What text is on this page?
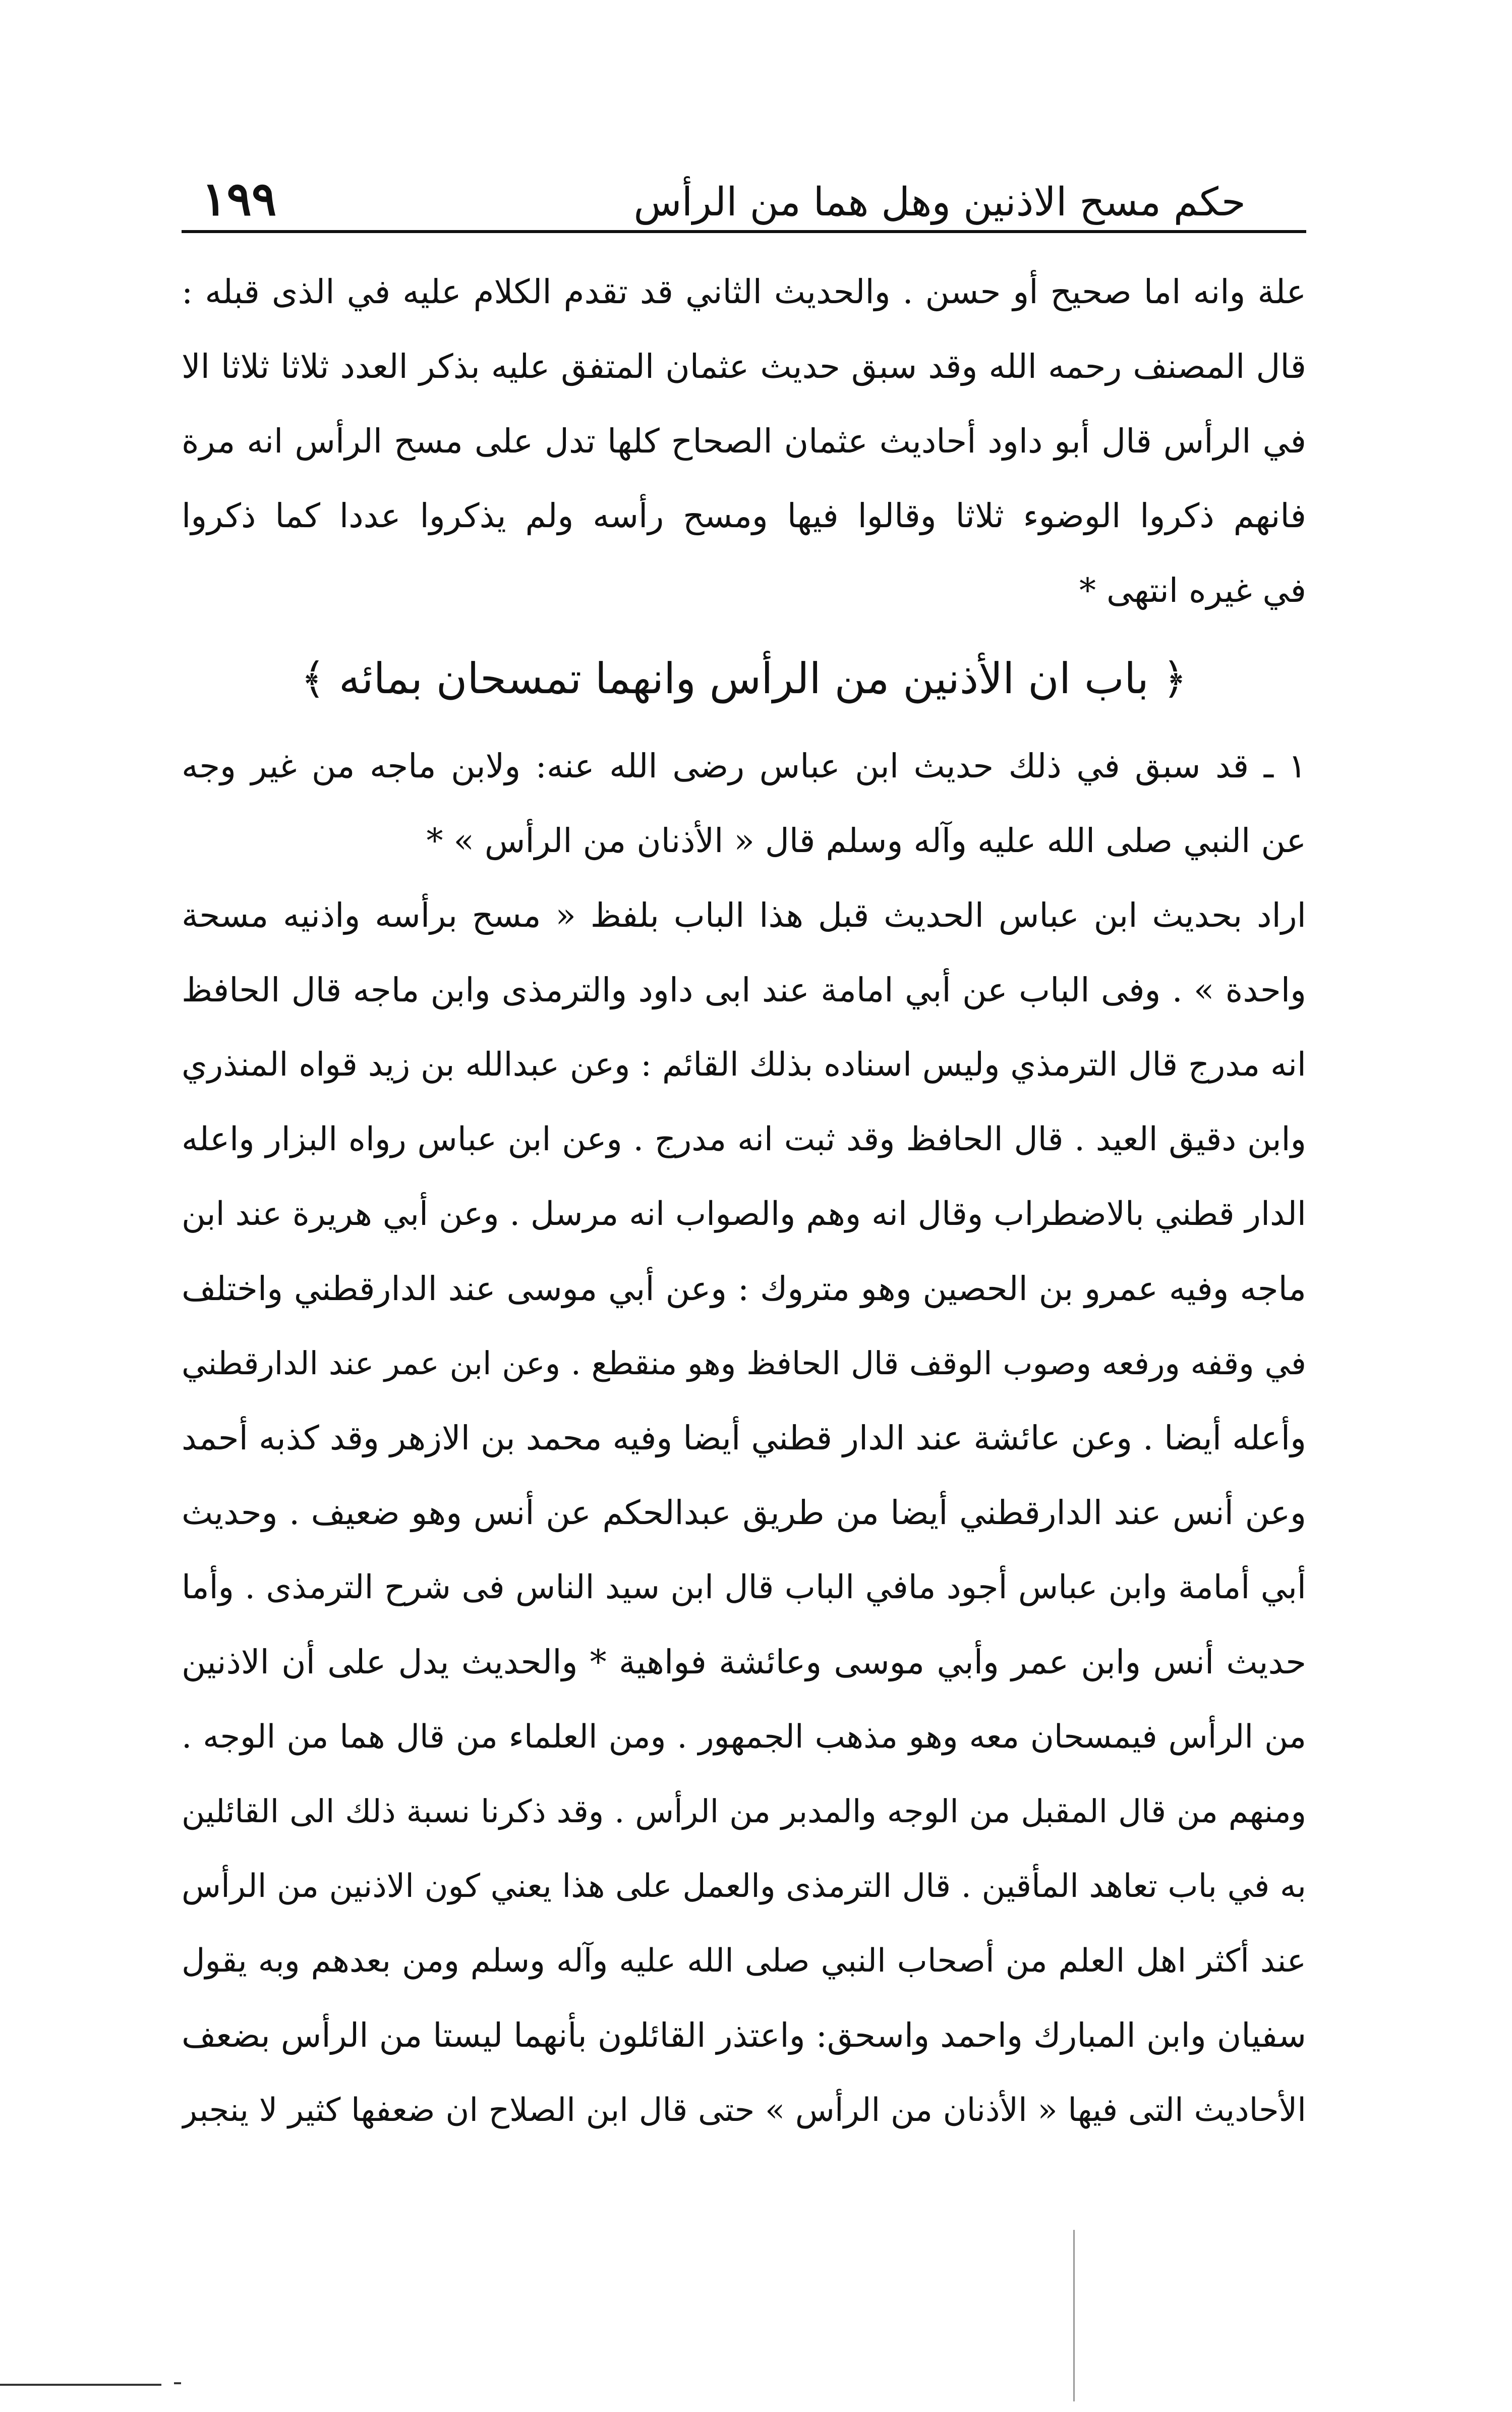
حكم مسح الاذنين وهل هما من الرأس
١٩٩
علة وانه اما صحيح أو حسن . والحديث الثاني قد تقدم الكلام عليه في الذى قبله :
قال المصنف رحمه الله وقد سبق حديث عثمان المتفق عليه بذكر العدد ثلاثا ثلاثا الا
في الرأس قال أبو داود أحاديث عثمان الصحاح كلها تدل على مسح الرأس انه مرة
فانهم ذكروا الوضوء ثلاثا وقالوا فيها ومسح رأسه ولم يذكروا عددا كما ذكروا
في غيره انتهى *
﴿ باب ان الأذنين من الرأس وانهما تمسحان بمائه ﴾
١ ـ قد سبق في ذلك حديث ابن عباس رضى الله عنه: ولابن ماجه من غير وجه
عن النبي صلى الله عليه وآله وسلم قال « الأذنان من الرأس » *
اراد بحديث ابن عباس الحديث قبل هذا الباب بلفظ « مسح برأسه واذنيه مسحة
واحدة » . وفى الباب عن أبي امامة عند ابى داود والترمذى وابن ماجه قال الحافظ
انه مدرج قال الترمذي وليس اسناده بذلك القائم : وعن عبدالله بن زيد قواه المنذري
وابن دقيق العيد . قال الحافظ وقد ثبت انه مدرج . وعن ابن عباس رواه البزار واعله
الدار قطني بالاضطراب وقال انه وهم والصواب انه مرسل . وعن أبي هريرة عند ابن
ماجه وفيه عمرو بن الحصين وهو متروك : وعن أبي موسى عند الدارقطني واختلف
في وقفه ورفعه وصوب الوقف قال الحافظ وهو منقطع . وعن ابن عمر عند الدارقطني
وأعله أيضا . وعن عائشة عند الدار قطني أيضا وفيه محمد بن الازهر وقد كذبه أحمد
وعن أنس عند الدارقطني أيضا من طريق عبدالحكم عن أنس وهو ضعيف . وحديث
أبي أمامة وابن عباس أجود مافي الباب قال ابن سيد الناس فى شرح الترمذى . وأما
حديث أنس وابن عمر وأبي موسى وعائشة فواهية * والحديث يدل على أن الاذنين
من الرأس فيمسحان معه وهو مذهب الجمهور . ومن العلماء من قال هما من الوجه .
ومنهم من قال المقبل من الوجه والمدبر من الرأس . وقد ذكرنا نسبة ذلك الى القائلين
به في باب تعاهد المأقين . قال الترمذى والعمل على هذا يعني كون الاذنين من الرأس
عند أكثر اهل العلم من أصحاب النبي صلى الله عليه وآله وسلم ومن بعدهم وبه يقول
سفيان وابن المبارك واحمد واسحق: واعتذر القائلون بأنهما ليستا من الرأس بضعف
الأحاديث التى فيها « الأذنان من الرأس » حتى قال ابن الصلاح ان ضعفها كثير لا ينجبر
